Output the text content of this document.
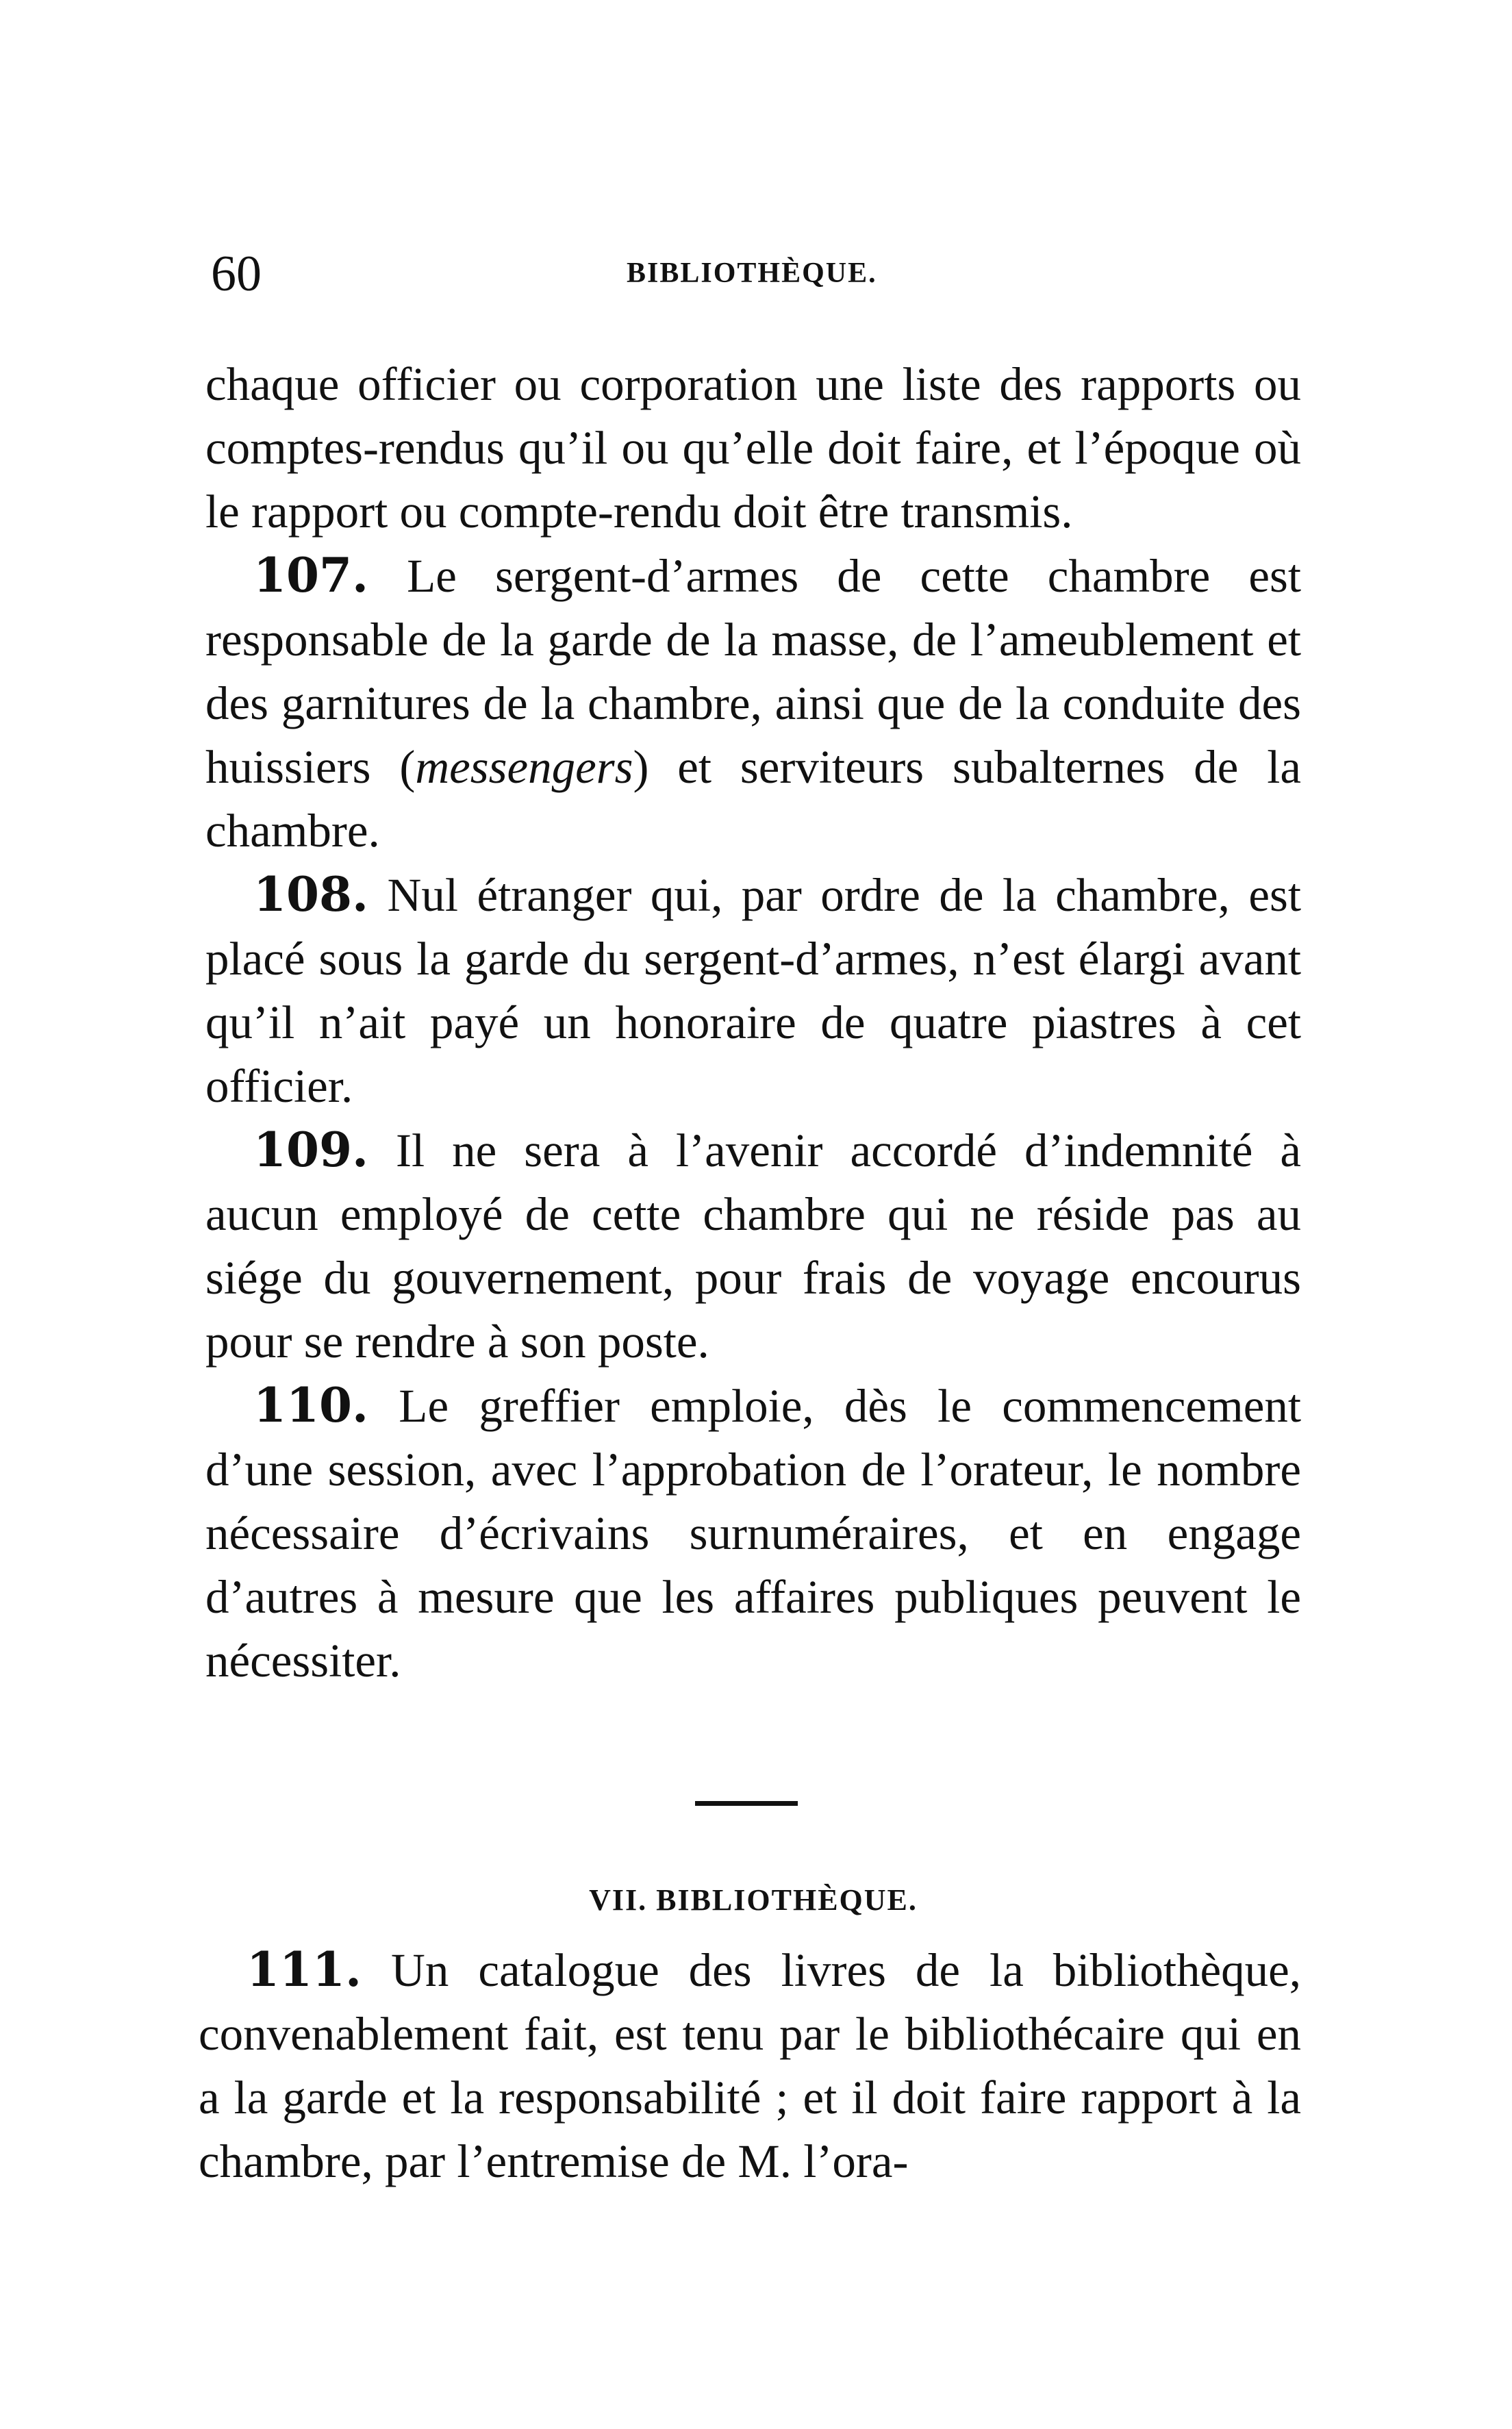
60	BIBLIOTHÈQUE.

chaque officier ou corporation une liste des rapports ou comptes-rendus qu’il ou qu’elle doit faire, et l’époque où le rapport ou compte-rendu doit être transmis.

107. Le sergent-d’armes de cette chambre est responsable de la garde de la masse, de l’ameublement et des garnitures de la chambre, ainsi que de la conduite des huissiers (messengers) et serviteurs subalternes de la chambre.

108. Nul étranger qui, par ordre de la chambre, est placé sous la garde du sergent-d’armes, n’est élargi avant qu’il n’ait payé un honoraire de quatre piastres à cet officier.

109. Il ne sera à l’avenir accordé d’indemnité à aucun employé de cette chambre qui ne réside pas au siége du gouvernement, pour frais de voyage encourus pour se rendre à son poste.

110. Le greffier emploie, dès le commencement d’une session, avec l’approbation de l’orateur, le nombre nécessaire d’écrivains surnuméraires, et en engage d’autres à mesure que les affaires publiques peuvent le nécessiter.

VII. BIBLIOTHÈQUE.

111. Un catalogue des livres de la bibliothèque, convenablement fait, est tenu par le bibliothécaire qui en a la garde et la responsabilité ; et il doit faire rapport à la chambre, par l’entremise de M. l’ora-
